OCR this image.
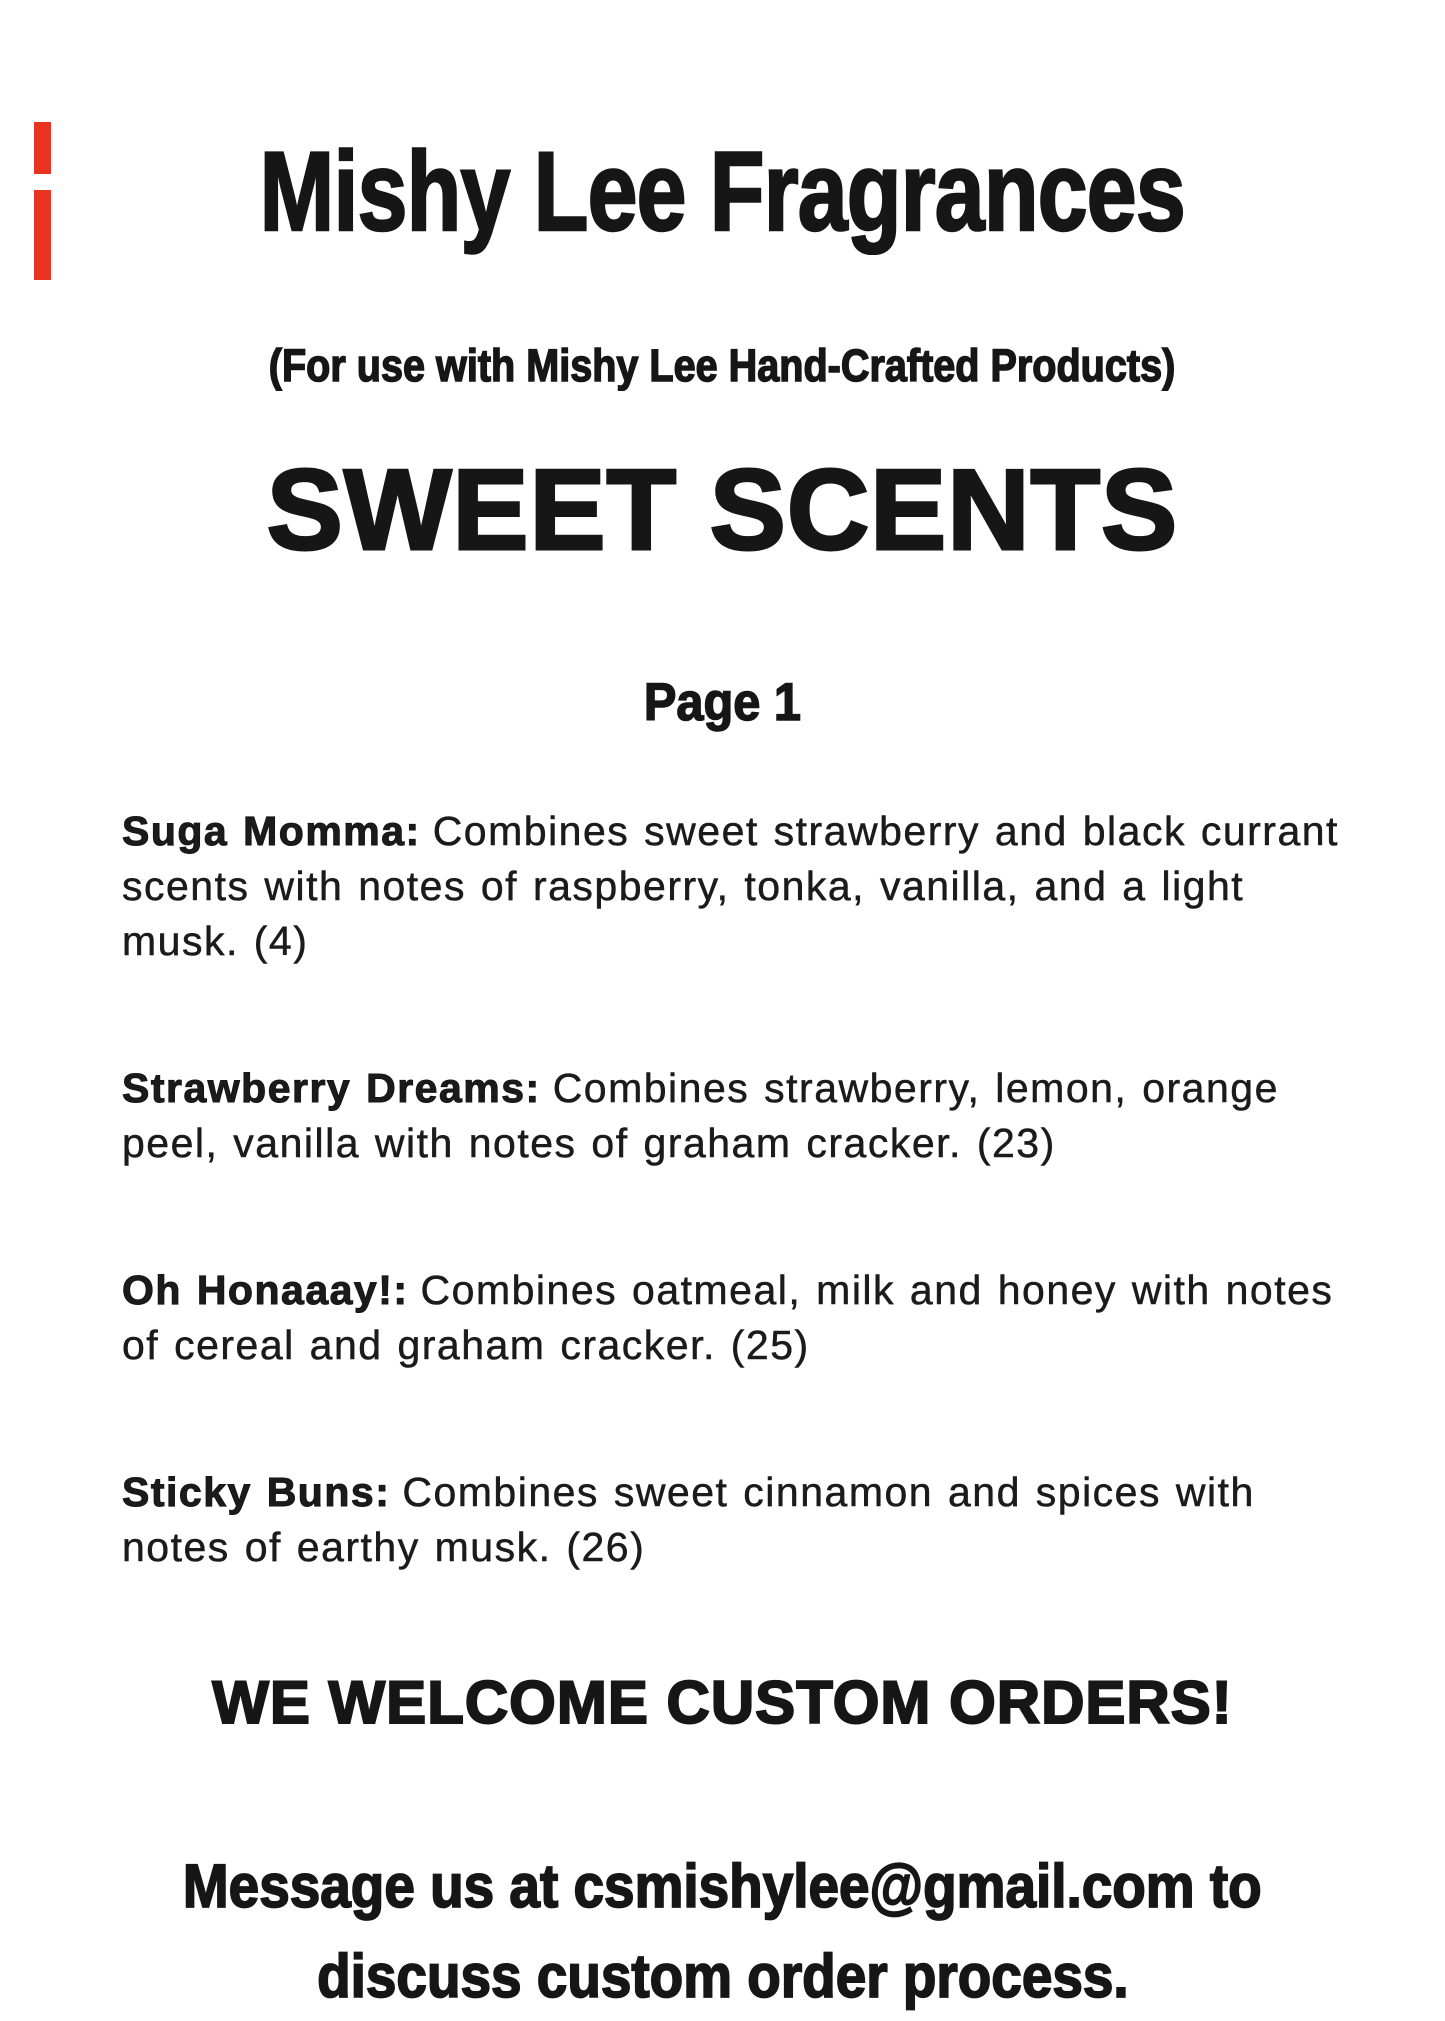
Mishy Lee Fragrances
(For use with Mishy Lee Hand-Crafted Products)
SWEET SCENTS
Page 1

Suga Momma: Combines sweet strawberry and black currant scents with notes of raspberry, tonka, vanilla, and a light musk. (4)

Strawberry Dreams: Combines strawberry, lemon, orange peel, vanilla with notes of graham cracker. (23)

Oh Honaaay!: Combines oatmeal, milk and honey with notes of cereal and graham cracker. (25)

Sticky Buns: Combines sweet cinnamon and spices with notes of earthy musk. (26)

WE WELCOME CUSTOM ORDERS!
Message us at csmishylee@gmail.com to
discuss custom order process.
